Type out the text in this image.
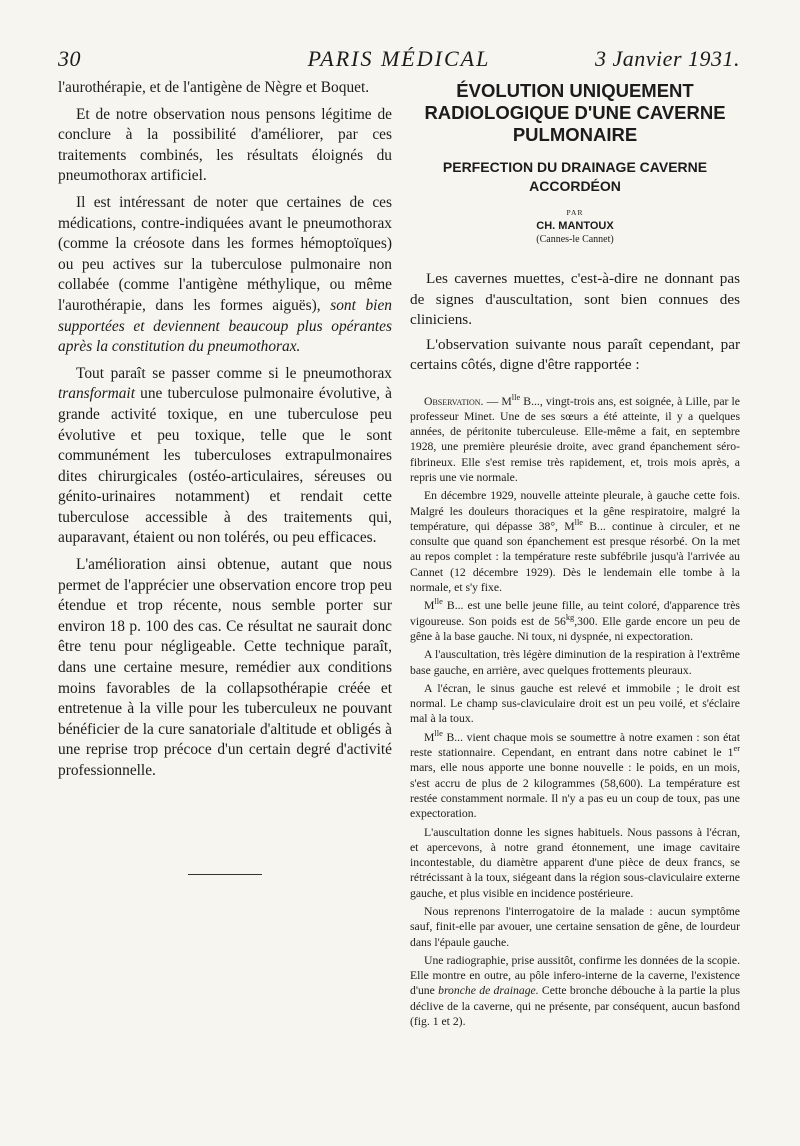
30	PARIS MÉDICAL	3 Janvier 1931.

l'aurothérapie, et de l'antigène de Nègre et Boquet.

Et de notre observation nous pensons légitime de conclure à la possibilité d'améliorer, par ces traitements combinés, les résultats éloignés du pneumothorax artificiel.

Il est intéressant de noter que certaines de ces médications, contre-indiquées avant le pneumothorax (comme la créosote dans les formes hémoptoïques) ou peu actives sur la tuberculose pulmonaire non collabée (comme l'antigène méthylique, ou même l'aurothérapie, dans les formes aiguës), sont bien supportées et deviennent beaucoup plus opérantes après la constitution du pneumothorax.

Tout paraît se passer comme si le pneumothorax transformait une tuberculose pulmonaire évolutive, à grande activité toxique, en une tuberculose peu évolutive et peu toxique, telle que le sont communément les tuberculoses extrapulmonaires dites chirurgicales (ostéo-articulaires, séreuses ou génito-urinaires notamment) et rendait cette tuberculose accessible à des traitements qui, auparavant, étaient ou non tolérés, ou peu efficaces.

L'amélioration ainsi obtenue, autant que nous permet de l'apprécier une observation encore trop peu étendue et trop récente, nous semble porter sur environ 18 p. 100 des cas. Ce résultat ne saurait donc être tenu pour négligeable. Cette technique paraît, dans une certaine mesure, remédier aux conditions moins favorables de la collapsothérapie créée et entretenue à la ville pour les tuberculeux ne pouvant bénéficier de la cure sanatoriale d'altitude et obligés à une reprise trop précoce d'un certain degré d'activité professionnelle.

ÉVOLUTION UNIQUEMENT RADIOLOGIQUE D'UNE CAVERNE PULMONAIRE
PERFECTION DU DRAINAGE CAVERNE ACCORDÉON
PAR
CH. MANTOUX
(Cannes-le Cannet)

Les cavernes muettes, c'est-à-dire ne donnant pas de signes d'auscultation, sont bien connues des cliniciens.

L'observation suivante nous paraît cependant, par certains côtés, digne d'être rapportée :

Observation. — $M^{lle}$ B..., vingt-trois ans, est soignée, à Lille, par le professeur Minet. Une de ses sœurs a été atteinte, il y a quelques années, de péritonite tuberculeuse. Elle-même a fait, en septembre 1928, une première pleurésie droite, avec grand épanchement séro-fibrineux. Elle s'est remise très rapidement, et, trois mois après, a repris une vie normale.

En décembre 1929, nouvelle atteinte pleurale, à gauche cette fois. Malgré les douleurs thoraciques et la gêne respiratoire, malgré la température, qui dépasse 38°, $M^{lle}$ B... continue à circuler, et ne consulte que quand son épanchement est presque résorbé. On la met au repos complet : la température reste subfébrile jusqu'à l'arrivée au Cannet (12 décembre 1929). Dès le lendemain elle tombe à la normale, et s'y fixe.

$M^{lle}$ B... est une belle jeune fille, au teint coloré, d'apparence très vigoureuse. Son poids est de $56^{kg},300$. Elle garde encore un peu de gêne à la base gauche. Ni toux, ni dyspnée, ni expectoration.

A l'auscultation, très légère diminution de la respiration à l'extrême base gauche, en arrière, avec quelques frottements pleuraux.

A l'écran, le sinus gauche est relevé et immobile ; le droit est normal. Le champ sus-claviculaire droit est un peu voilé, et s'éclaire mal à la toux.

$M^{lle}$ B... vient chaque mois se soumettre à notre examen : son état reste stationnaire. Cependant, en entrant dans notre cabinet le 1er mars, elle nous apporte une bonne nouvelle : le poids, en un mois, s'est accru de plus de 2 kilogrammes (58,600). La température est restée constamment normale. Il n'y a pas eu un coup de toux, pas une expectoration.

L'auscultation donne les signes habituels. Nous passons à l'écran, et apercevons, à notre grand étonnement, une image cavitaire incontestable, du diamètre apparent d'une pièce de deux francs, se rétrécissant à la toux, siégeant dans la région sous-claviculaire externe gauche, et plus visible en incidence postérieure.

Nous reprenons l'interrogatoire de la malade : aucun symptôme sauf, finit-elle par avouer, une certaine sensation de gêne, de lourdeur dans l'épaule gauche.

Une radiographie, prise aussitôt, confirme les données de la scopie. Elle montre en outre, au pôle infero-interne de la caverne, l'existence d'une bronche de drainage. Cette bronche débouche à la partie la plus déclive de la caverne, qui ne présente, par conséquent, aucun basfond (fig. 1 et 2).
